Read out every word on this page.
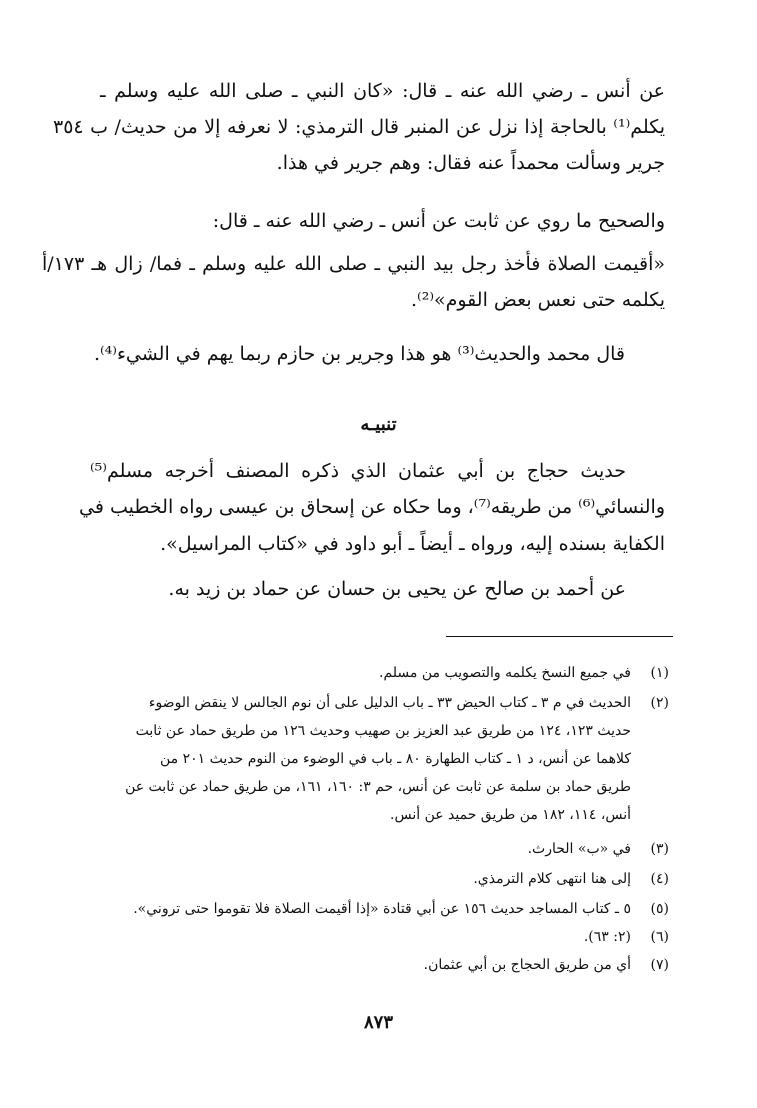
عن أنس ـ رضي الله عنه ـ قال: «كان النبي ـ صلى الله عليه وسلم ـ
يكلم⁽¹⁾ بالحاجة إذا نزل عن المنبر قال الترمذي: لا نعرفه إلا من حديث/ ب ٣٥٤
جرير وسألت محمداً عنه فقال: وهم جرير في هذا.
والصحيح ما روي عن ثابت عن أنس ـ رضي الله عنه ـ قال:
«أقيمت الصلاة فأخذ رجل بيد النبي ـ صلى الله عليه وسلم ـ فما/ زال هـ ١٧٣/أ
يكلمه حتى نعس بعض القوم»⁽²⁾.
قال محمد والحديث⁽³⁾ هو هذا وجرير بن حازم ربما يهم في الشيء⁽⁴⁾.
تنبيـه
حديث حجاج بن أبي عثمان الذي ذكره المصنف أخرجه مسلم⁽⁵⁾
والنسائي⁽⁶⁾ من طريقه⁽⁷⁾، وما حكاه عن إسحاق بن عيسى رواه الخطيب في
الكفاية بسنده إليه، ورواه ـ أيضاً ـ أبو داود في «كتاب المراسيل».
عن أحمد بن صالح عن يحيى بن حسان عن حماد بن زيد به.
(١)
في جميع النسخ يكلمه والتصويب من مسلم.
(٢)
الحديث في م ٣ ـ كتاب الحيض ٣٣ ـ باب الدليل على أن نوم الجالس لا ينقض الوضوء
حديث ١٢٣، ١٢٤ من طريق عبد العزيز بن صهيب وحديث ١٢٦ من طريق حماد عن ثابت
كلاهما عن أنس، د ١ ـ كتاب الطهارة ٨٠ ـ باب في الوضوء من النوم حديث ٢٠١ من
طريق حماد بن سلمة عن ثابت عن أنس، حم ٣: ١٦٠، ١٦١، من طريق حماد عن ثابت عن
أنس، ١١٤، ١٨٢ من طريق حميد عن أنس.
(٣)
في «ب» الحارث.
(٤)
إلى هنا انتهى كلام الترمذي.
(٥)
٥ ـ كتاب المساجد حديث ١٥٦ عن أبي قتادة «إذا أقيمت الصلاة فلا تقوموا حتى تروني».
(٦)
(٢: ٦٣).
(٧)
أي من طريق الحجاج بن أبي عثمان.
٨٧٣
